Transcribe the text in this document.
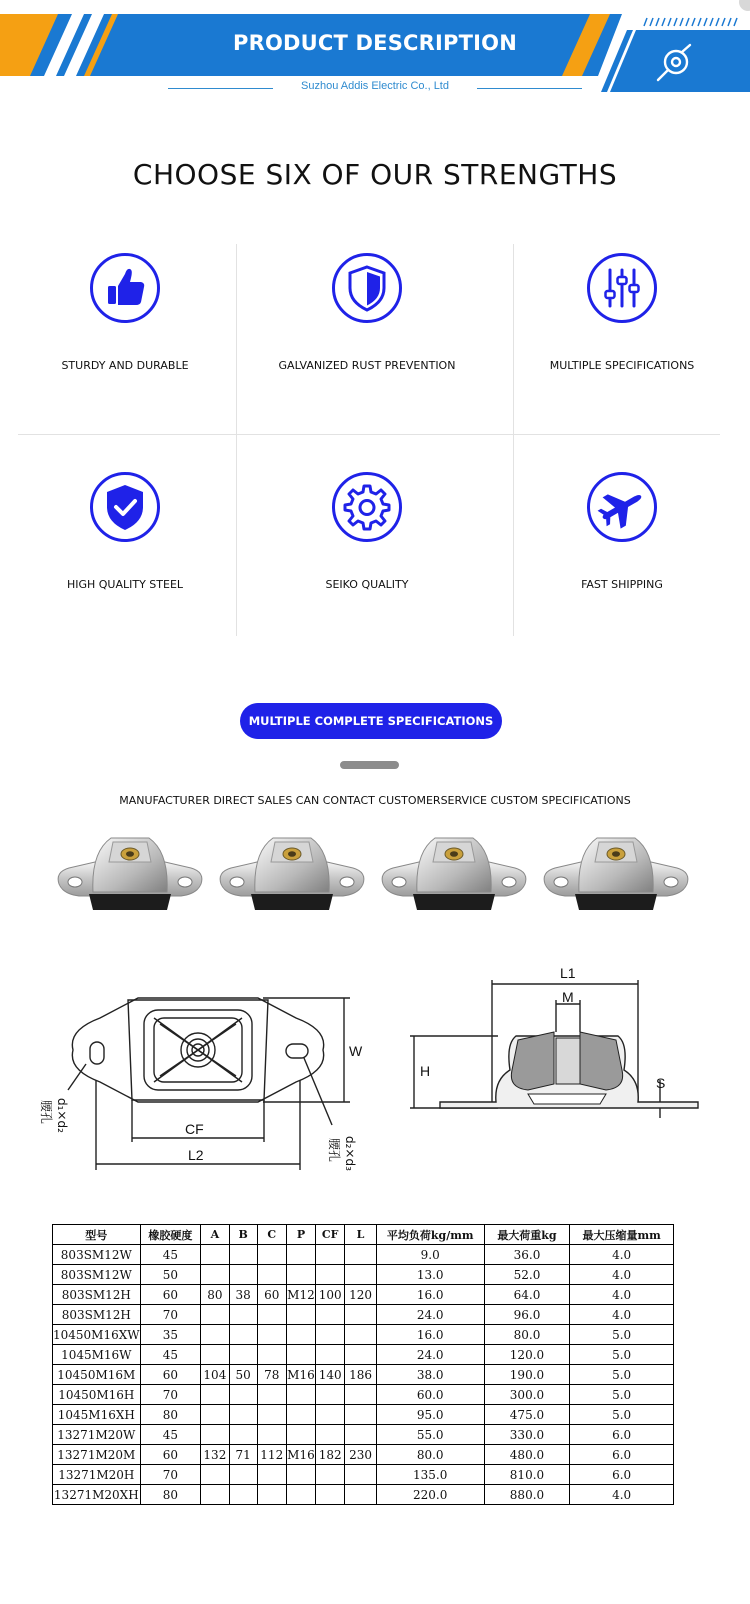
PRODUCT DESCRIPTION
Suzhou Addis Electric Co., Ltd
CHOOSE SIX OF OUR STRENGTHS
STURDY AND DURABLE	GALVANIZED RUST PREVENTION	MULTIPLE SPECIFICATIONS
HIGH QUALITY STEEL	SEIKO QUALITY	FAST SHIPPING
MULTIPLE COMPLETE SPECIFICATIONS
MANUFACTURER DIRECT SALES CAN CONTACT CUSTOMERSERVICE CUSTOM SPECIFICATIONS
W
CF
L2
L1
M
H
S
d₁×d₂
腰孔
d₂×d₃
腰孔
型号	橡胶硬度	A	B	C	P	CF	L	平均负荷kg/mm	最大荷重kg	最大压缩量mm
803SM12W	45							9.0	36.0	4.0
803SM12W	50							13.0	52.0	4.0
803SM12H	60	80	38	60	M12	100	120	16.0	64.0	4.0
803SM12H	70							24.0	96.0	4.0
10450M16XW	35							16.0	80.0	5.0
1045M16W	45							24.0	120.0	5.0
10450M16M	60	104	50	78	M16	140	186	38.0	190.0	5.0
10450M16H	70							60.0	300.0	5.0
1045M16XH	80							95.0	475.0	5.0
13271M20W	45							55.0	330.0	6.0
13271M20M	60	132	71	112	M16	182	230	80.0	480.0	6.0
13271M20H	70							135.0	810.0	6.0
13271M20XH	80							220.0	880.0	4.0
